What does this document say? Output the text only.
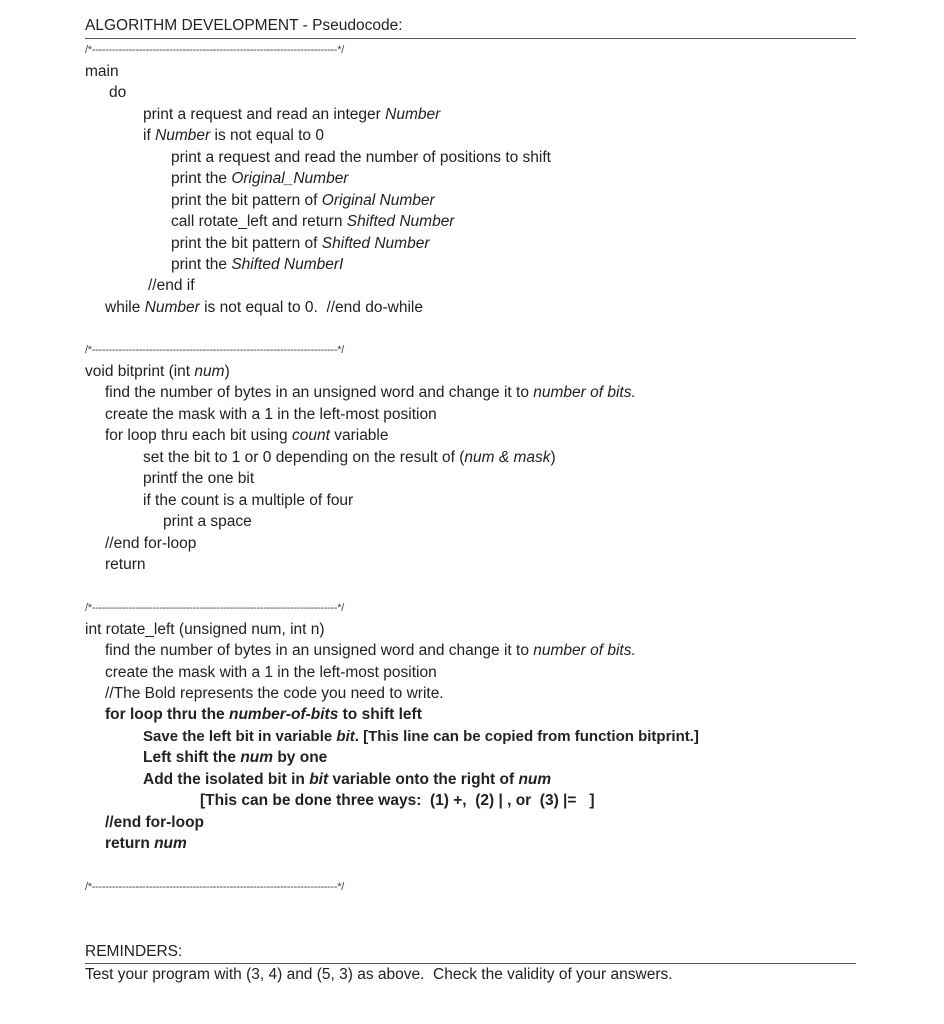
ALGORITHM DEVELOPMENT - Pseudocode:
/*-------------------------------------------------------------------------*/
main
do
print a request and read an integer Number
if Number is not equal to 0
print a request and read the number of positions to shift
print the Original_Number
print the bit pattern of Original Number
call rotate_left and return Shifted Number
print the bit pattern of Shifted Number
print the Shifted NumberI
//end if
while Number is not equal to 0.  //end do-while
/*-------------------------------------------------------------------------*/
void bitprint (int num)
find the number of bytes in an unsigned word and change it to number of bits.
create the mask with a 1 in the left-most position
for loop thru each bit using count variable
set the bit to 1 or 0 depending on the result of (num & mask)
printf the one bit
if the count is a multiple of four
print a space
//end for-loop
return
/*-------------------------------------------------------------------------*/
int rotate_left (unsigned num, int n)
find the number of bytes in an unsigned word and change it to number of bits.
create the mask with a 1 in the left-most position
//The Bold represents the code you need to write.
for loop thru the number-of-bits to shift left
Save the left bit in variable bit. [This line can be copied from function bitprint.]
Left shift the num by one
Add the isolated bit in bit variable onto the right of num
[This can be done three ways:  (1) +,  (2) | , or  (3) |=   ]
//end for-loop
return num
/*-------------------------------------------------------------------------*/
REMINDERS:
Test your program with (3, 4) and (5, 3) as above.  Check the validity of your answers.
